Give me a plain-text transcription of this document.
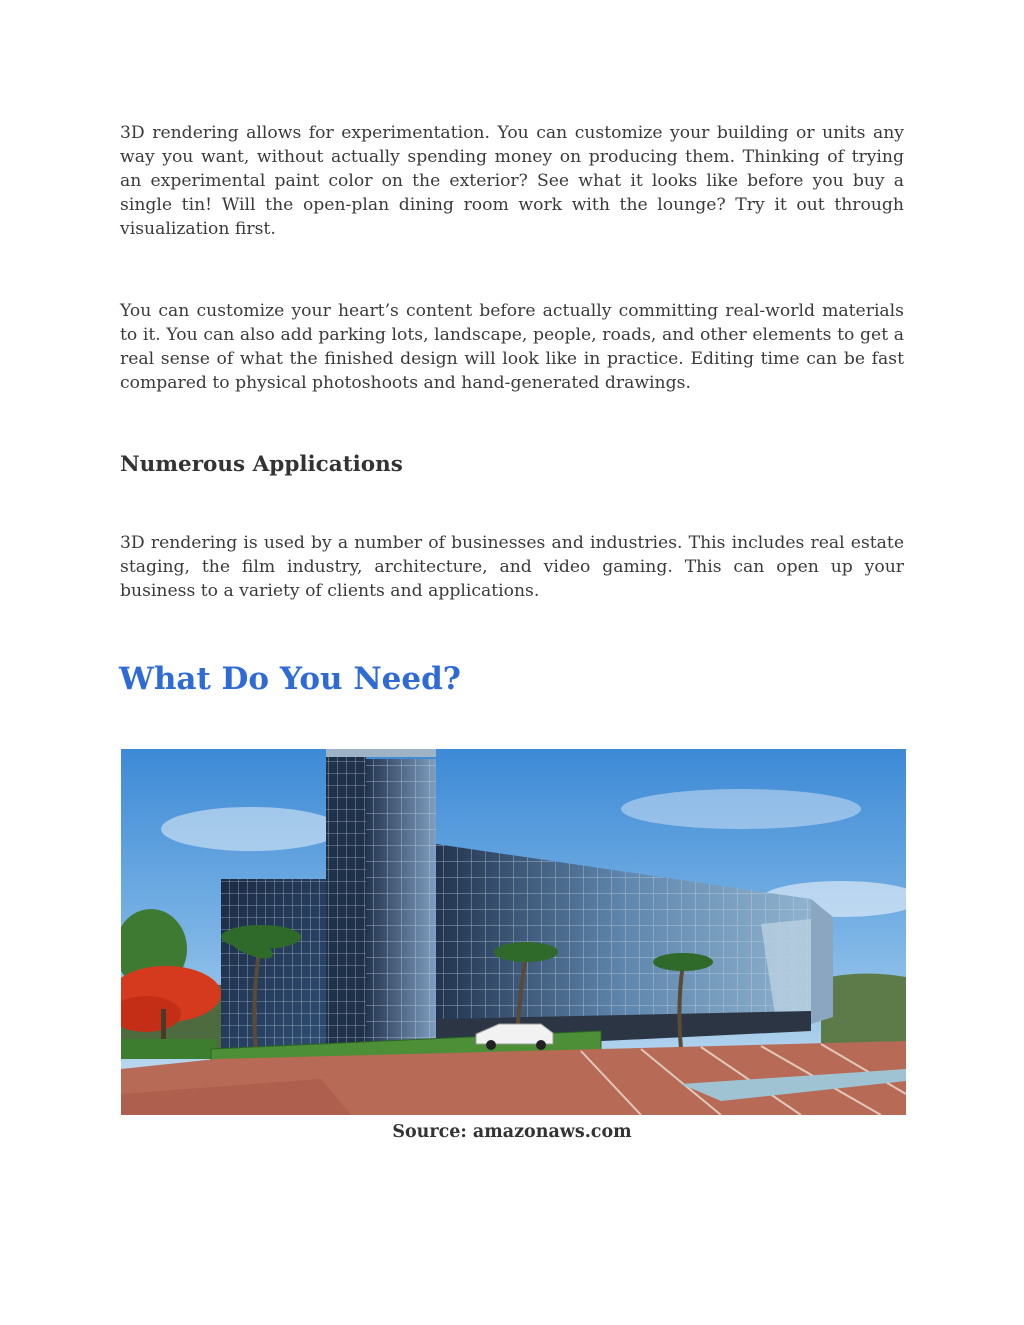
3D rendering allows for experimentation. You can customize your building or units any way you want, without actually spending money on producing them. Thinking of trying an experimental paint color on the exterior? See what it looks like before you buy a single tin! Will the open-plan dining room work with the lounge? Try it out through visualization first.

You can customize your heart’s content before actually committing real-world materials to it. You can also add parking lots, landscape, people, roads, and other elements to get a real sense of what the finished design will look like in practice. Editing time can be fast compared to physical photoshoots and hand-generated drawings.

Numerous Applications

3D rendering is used by a number of businesses and industries. This includes real estate staging, the film industry, architecture, and video gaming. This can open up your business to a variety of clients and applications.

What Do You Need?
Source: amazonaws.com
